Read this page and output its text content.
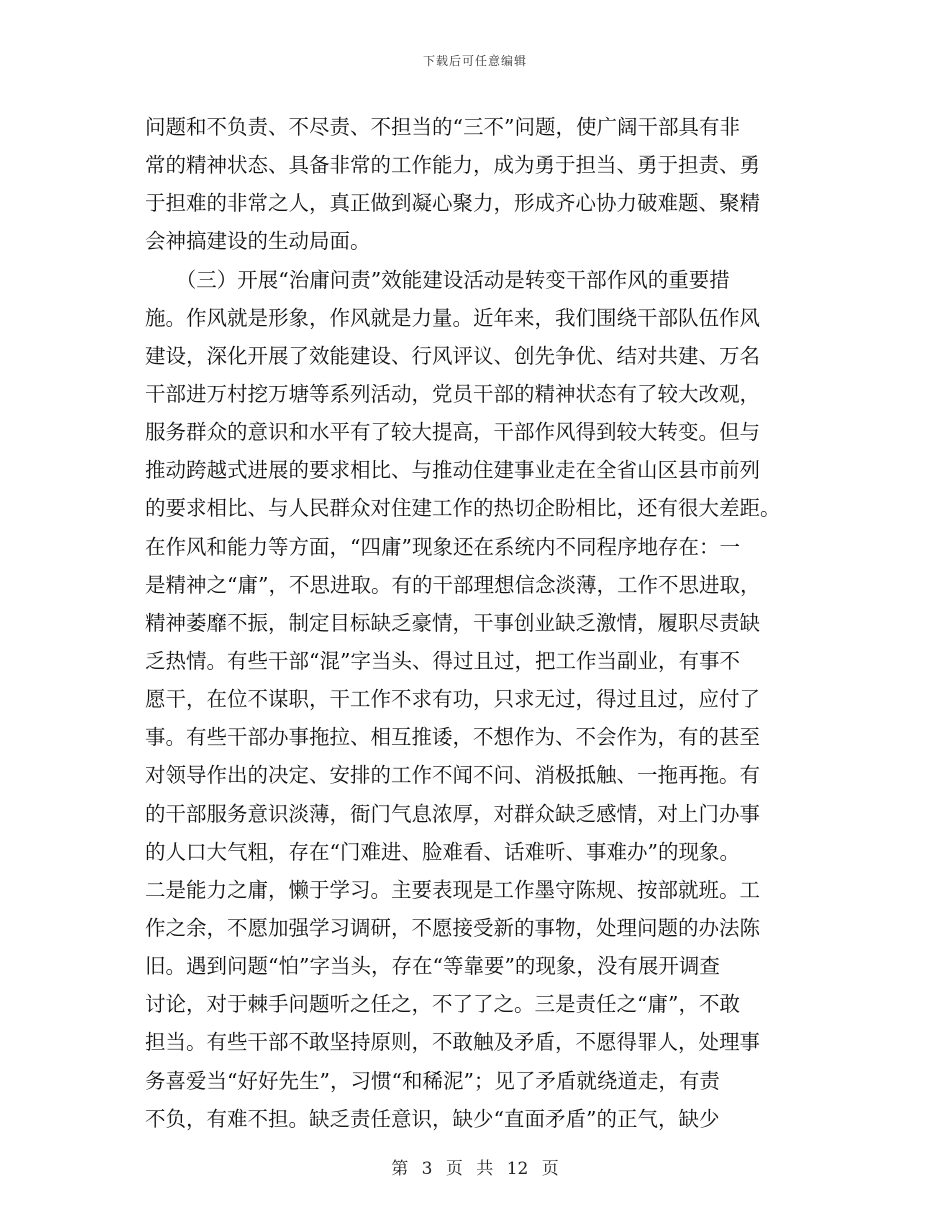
下载后可任意编辑
问题和不负责、不尽责、不担当的“三不”问题，使广阔干部具有非
常的精神状态、具备非常的工作能力，成为勇于担当、勇于担责、勇
于担难的非常之人，真正做到凝心聚力，形成齐心协力破难题、聚精
会神搞建设的生动局面。
　　（三）开展“治庸问责”效能建设活动是转变干部作风的重要措
施。作风就是形象，作风就是力量。近年来，我们围绕干部队伍作风
建设，深化开展了效能建设、行风评议、创先争优、结对共建、万名
干部进万村挖万塘等系列活动，党员干部的精神状态有了较大改观，
服务群众的意识和水平有了较大提高，干部作风得到较大转变。但与
推动跨越式进展的要求相比、与推动住建事业走在全省山区县市前列
的要求相比、与人民群众对住建工作的热切企盼相比，还有很大差距。
在作风和能力等方面，“四庸”现象还在系统内不同程序地存在：一
是精神之“庸”，不思进取。有的干部理想信念淡薄，工作不思进取，
精神萎靡不振，制定目标缺乏豪情，干事创业缺乏激情，履职尽责缺
乏热情。有些干部“混”字当头、得过且过，把工作当副业，有事不
愿干，在位不谋职，干工作不求有功，只求无过，得过且过，应付了
事。有些干部办事拖拉、相互推诿，不想作为、不会作为，有的甚至
对领导作出的决定、安排的工作不闻不问、消极抵触、一拖再拖。有
的干部服务意识淡薄，衙门气息浓厚，对群众缺乏感情，对上门办事
的人口大气粗，存在“门难进、脸难看、话难听、事难办”的现象。
二是能力之庸，懒于学习。主要表现是工作墨守陈规、按部就班。工
作之余，不愿加强学习调研，不愿接受新的事物，处理问题的办法陈
旧。遇到问题“怕”字当头，存在“等靠要”的现象，没有展开调查
讨论，对于棘手问题听之任之，不了了之。三是责任之“庸”，不敢
担当。有些干部不敢坚持原则，不敢触及矛盾，不愿得罪人，处理事
务喜爱当“好好先生”，习惯“和稀泥”；见了矛盾就绕道走，有责
不负，有难不担。缺乏责任意识，缺少“直面矛盾”的正气，缺少
第 3 页 共 12 页
